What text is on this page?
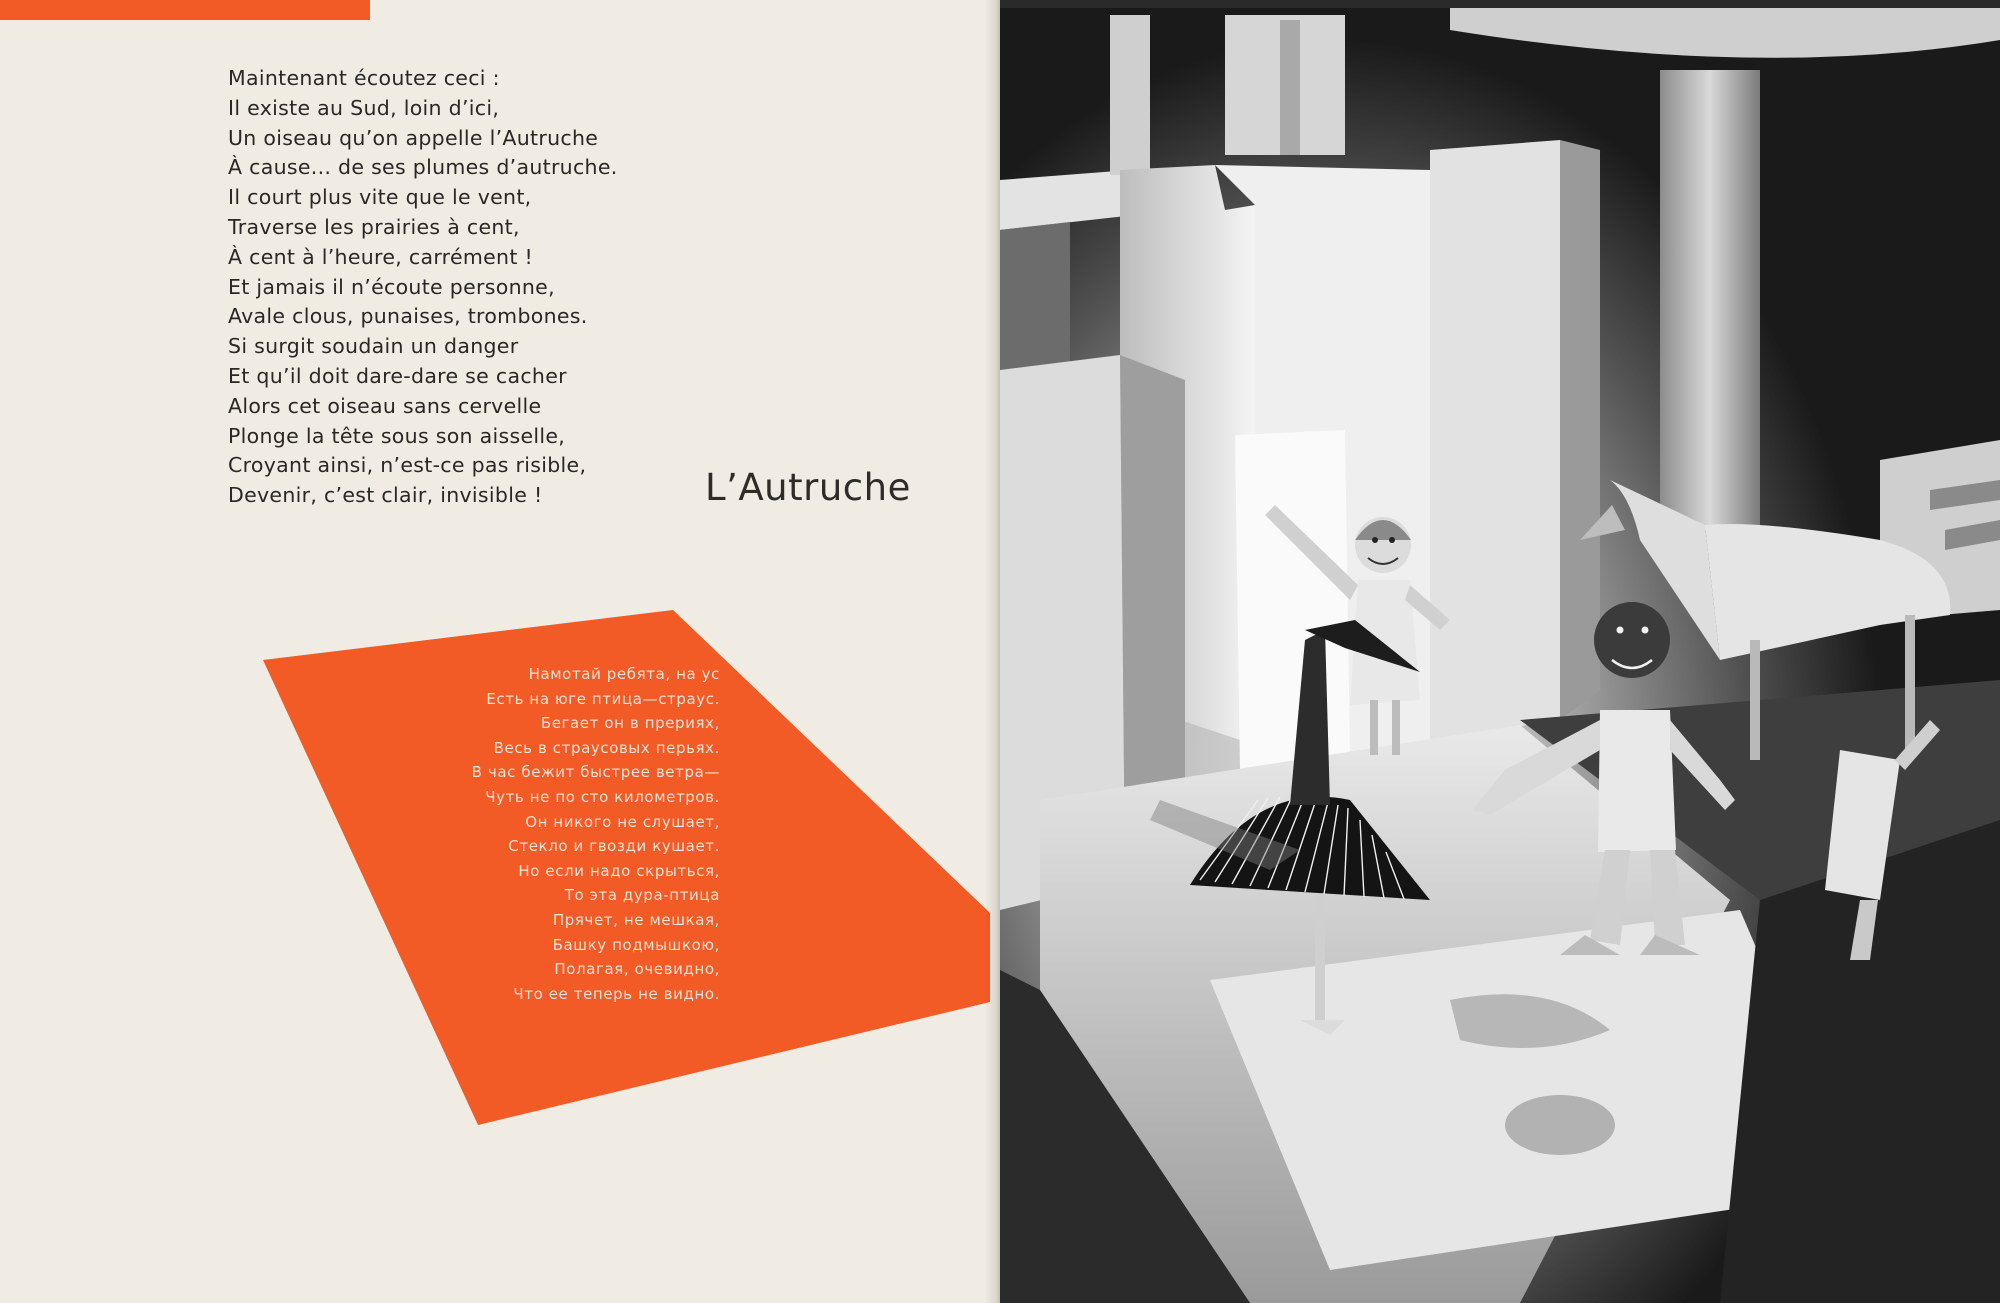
Maintenant écoutez ceci :
Il existe au Sud, loin d’ici,
Un oiseau qu’on appelle l’Autruche
À cause... de ses plumes d’autruche.
Il court plus vite que le vent,
Traverse les prairies à cent,
À cent à l’heure, carrément !
Et jamais il n’écoute personne,
Avale clous, punaises, trombones.
Si surgit soudain un danger
Et qu’il doit dare-dare se cacher
Alors cet oiseau sans cervelle
Plonge la tête sous son aisselle,
Croyant ainsi, n’est-ce pas risible,
Devenir, c’est clair, invisible !	L’Autruche
Намотай ребята, на ус
Есть на юге птица—страус.
Бегает он в прериях,
Весь в страусовых перьях.
В час бежит быстрее ветра—
Чуть не по сто километров.
Он никого не слушает,
Стекло и гвозди кушает.
Но если надо скрыться,
То эта дура-птица
Прячет, не мешкая,
Башку подмышкою,
Полагая, очевидно,
Что ее теперь не видно.
